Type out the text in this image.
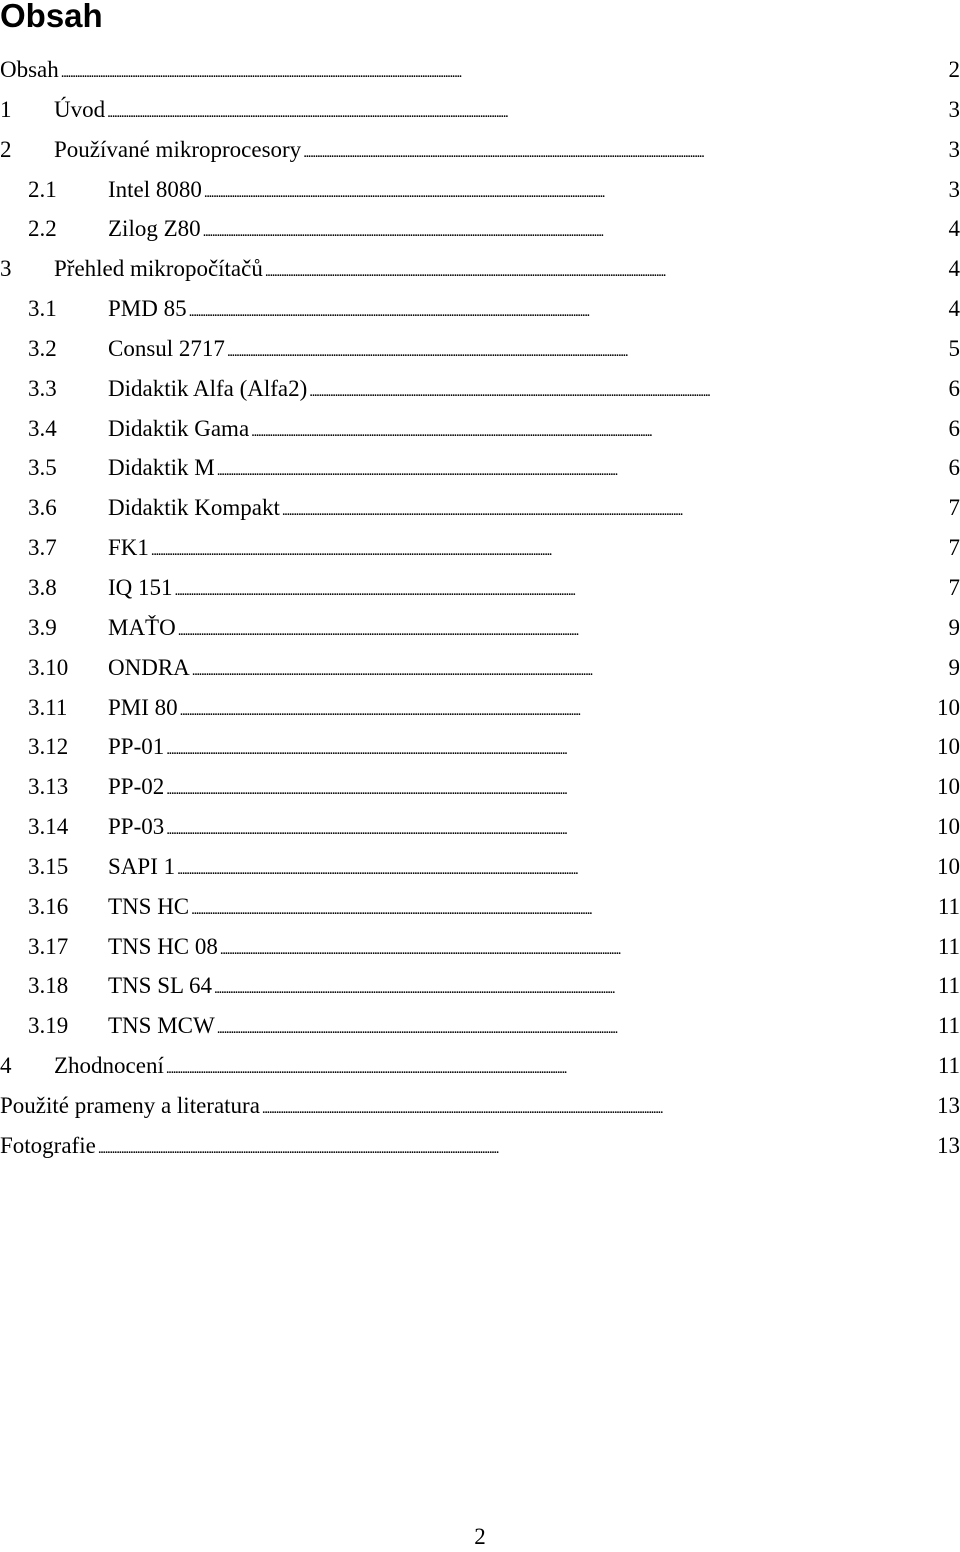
Obsah
Obsah . . .	2
1	Úvod . . .	3
2	Používané mikroprocesory . . .	3
2.1	Intel 8080 . . .	3
2.2	Zilog Z80 . . .	4
3	Přehled mikropočítačů . . .	4
3.1	PMD 85 . . .	4
3.2	Consul 2717 . . .	5
3.3	Didaktik Alfa (Alfa2) . . .	6
3.4	Didaktik Gama . . .	6
3.5	Didaktik M . . .	6
3.6	Didaktik Kompakt . . .	7
3.7	FK1 . . .	7
3.8	IQ 151 . . .	7
3.9	MAŤO . . .	9
3.10	ONDRA . . .	9
3.11	PMI 80 . . .	10
3.12	PP-01 . . .	10
3.13	PP-02 . . .	10
3.14	PP-03 . . .	10
3.15	SAPI 1 . . .	10
3.16	TNS HC . . .	11
3.17	TNS HC 08 . . .	11
3.18	TNS SL 64 . . .	11
3.19	TNS MCW . . .	11
4	Zhodnocení . . .	11
Použité prameny a literatura . . .	13
Fotografie . . .	13
2
